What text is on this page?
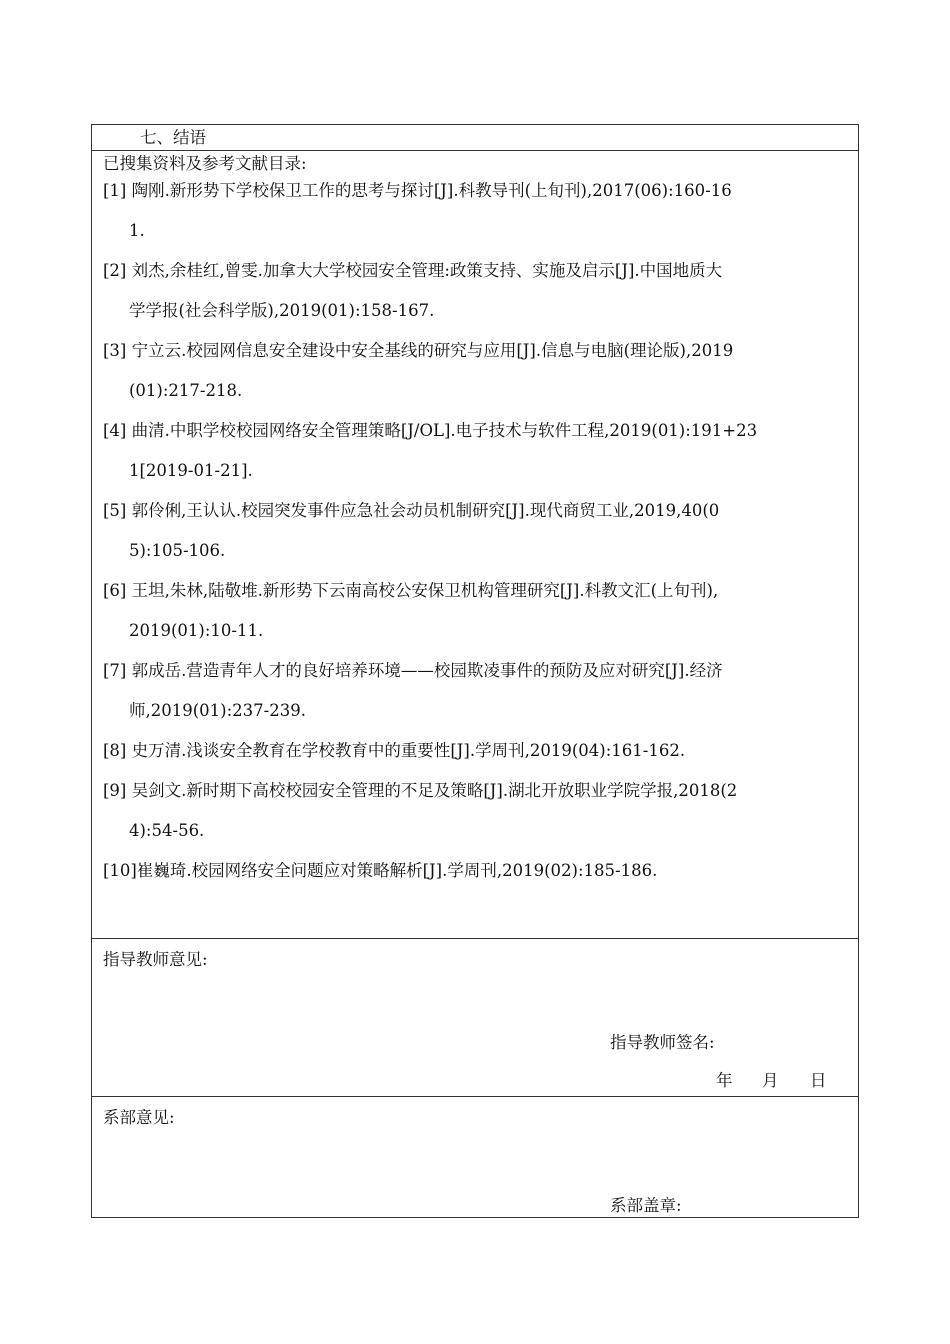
七、结语
已搜集资料及参考文献目录:
[1] 陶刚.新形势下学校保卫工作的思考与探讨[J].科教导刊(上旬刊),2017(06):160-16
1.
[2] 刘杰,余桂红,曾雯.加拿大大学校园安全管理:政策支持、实施及启示[J].中国地质大
学学报(社会科学版),2019(01):158-167.
[3] 宁立云.校园网信息安全建设中安全基线的研究与应用[J].信息与电脑(理论版),2019
(01):217-218.
[4] 曲清.中职学校校园网络安全管理策略[J/OL].电子技术与软件工程,2019(01):191+23
1[2019-01-21].
[5] 郭伶俐,王认认.校园突发事件应急社会动员机制研究[J].现代商贸工业,2019,40(0
5):105-106.
[6] 王坦,朱林,陆敬堆.新形势下云南高校公安保卫机构管理研究[J].科教文汇(上旬刊),
2019(01):10-11.
[7] 郭成岳.营造青年人才的良好培养环境——校园欺凌事件的预防及应对研究[J].经济
师,2019(01):237-239.
[8] 史万清.浅谈安全教育在学校教育中的重要性[J].学周刊,2019(04):161-162.
[9] 吴剑文.新时期下高校校园安全管理的不足及策略[J].湖北开放职业学院学报,2018(2
4):54-56.
[10]崔巍琦.校园网络安全问题应对策略解析[J].学周刊,2019(02):185-186.
指导教师意见:
指导教师签名:
年 月 日
系部意见:
系部盖章:
